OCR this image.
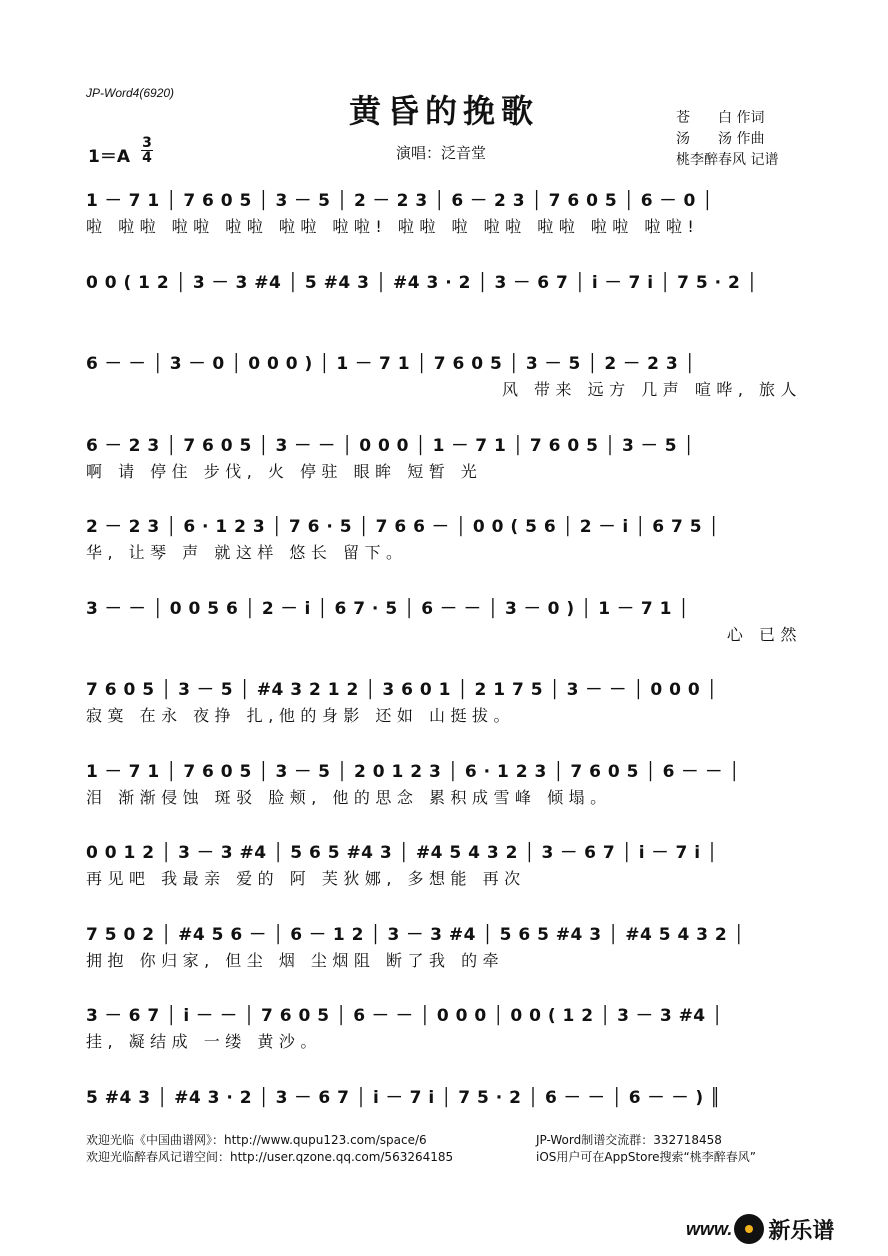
JP-Word4(6920)	黄昏的挽歌
演唱：泛音堂
苍　　白 作词
汤　　汤 作曲
桃李醉春风 记谱
1＝A
3
4
1 － 7 1 │ 7 6 0 5 │ 3 － 5 │ 2 － 2 3 │ 6 － 2 3 │ 7 6 0 5 │ 6 － 0 │
啦 啦啦 啦啦 啦啦 啦啦 啦啦! 啦啦 啦 啦啦 啦啦 啦啦 啦啦!
0 0 ( 1 2 │ 3 － 3 #4 │ 5 #4 3 │ #4 3 · 2 │ 3 － 6 7 │ i － 7 i │ 7 5 · 2 │
6 － － │ 3 － 0 │ 0 0 0 ) │ 1 － 7 1 │ 7 6 0 5 │ 3 － 5 │ 2 － 2 3 │
风 带来 远方 几声 喧哗, 旅人
6 － 2 3 │ 7 6 0 5 │ 3 － － │ 0 0 0 │ 1 － 7 1 │ 7 6 0 5 │ 3 － 5 │
啊 请 停住 步伐, 火 停驻 眼眸 短暂 光
2 － 2 3 │ 6 · 1 2 3 │ 7 6 · 5 │ 7 6 6 － │ 0 0 ( 5 6 │ 2 － i │ 6 7 5 │
华, 让琴 声 就这样 悠长 留下。
3 － － │ 0 0 5 6 │ 2 － i │ 6 7 · 5 │ 6 － － │ 3 － 0 ) │ 1 － 7 1 │
心 已然
7 6 0 5 │ 3 － 5 │ #4 3 2 1 2 │ 3 6 0 1 │ 2 1 7 5 │ 3 － － │ 0 0 0 │
寂寞 在永 夜挣 扎,他的身影 还如 山挺拔。
1 － 7 1 │ 7 6 0 5 │ 3 － 5 │ 2 0 1 2 3 │ 6 · 1 2 3 │ 7 6 0 5 │ 6 － － │
泪 渐渐侵蚀 斑驳 脸颊, 他的思念 累积成雪峰 倾塌。
0 0 1 2 │ 3 － 3 #4 │ 5 6 5 #4 3 │ #4 5 4 3 2 │ 3 － 6 7 │ i － 7 i │
再见吧 我最亲 爱的 阿 芙狄娜, 多想能 再次
7 5 0 2 │ #4 5 6 － │ 6 － 1 2 │ 3 － 3 #4 │ 5 6 5 #4 3 │ #4 5 4 3 2 │
拥抱 你归家, 但尘 烟 尘烟阻 断了我 的牵
3 － 6 7 │ i － － │ 7 6 0 5 │ 6 － － │ 0 0 0 │ 0 0 ( 1 2 │ 3 － 3 #4 │
挂, 凝结成 一缕 黄沙。
5 #4 3 │ #4 3 · 2 │ 3 － 6 7 │ i － 7 i │ 7 5 · 2 │ 6 － － │ 6 － － ) ║
欢迎光临《中国曲谱网》：http://www.qupu123.com/space/6
欢迎光临醉春风记谱空间：http://user.qzone.qq.com/563264185
JP-Word制谱交流群：332718458
iOS用户可在AppStore搜索“桃李醉春风”
www. 新乐谱
